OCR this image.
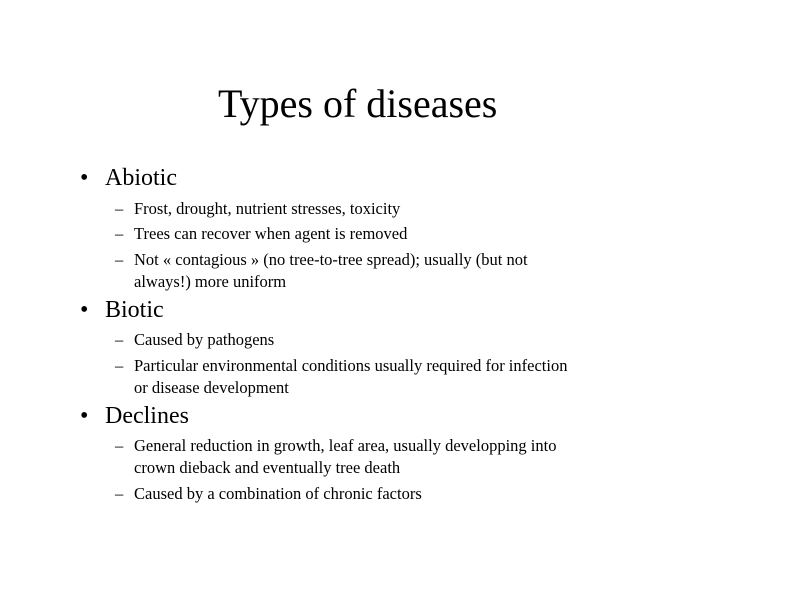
Types of diseases
• Abiotic
– Frost, drought, nutrient stresses, toxicity
– Trees can recover when agent is removed
– Not « contagious » (no tree-to-tree spread); usually (but not
always!) more uniform
• Biotic
– Caused by pathogens
– Particular environmental conditions usually required for infection
or disease development
• Declines
– General reduction in growth, leaf area, usually developping into
crown dieback and eventually tree death
– Caused by a combination of chronic factors
